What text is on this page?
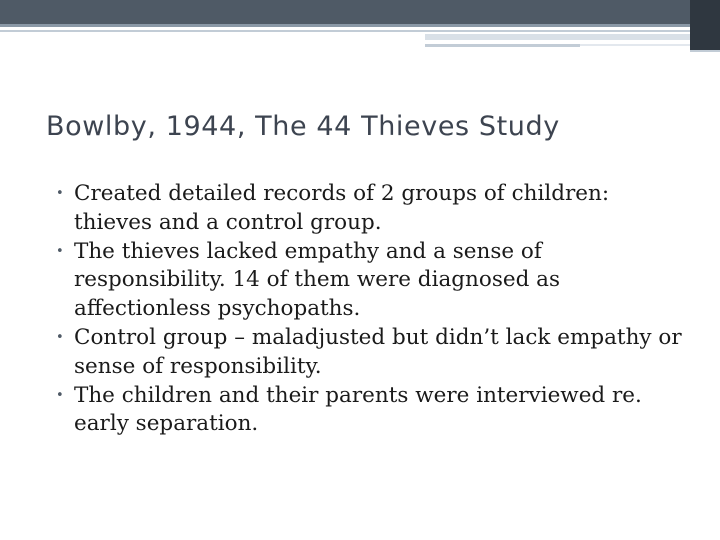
Bowlby, 1944, The 44 Thieves Study
• Created detailed records of 2 groups of children: thieves and a control group.
• The thieves lacked empathy and a sense of responsibility. 14 of them were diagnosed as affectionless psychopaths.
• Control group – maladjusted but didn’t lack empathy or sense of responsibility.
• The children and their parents were interviewed re. early separation.
